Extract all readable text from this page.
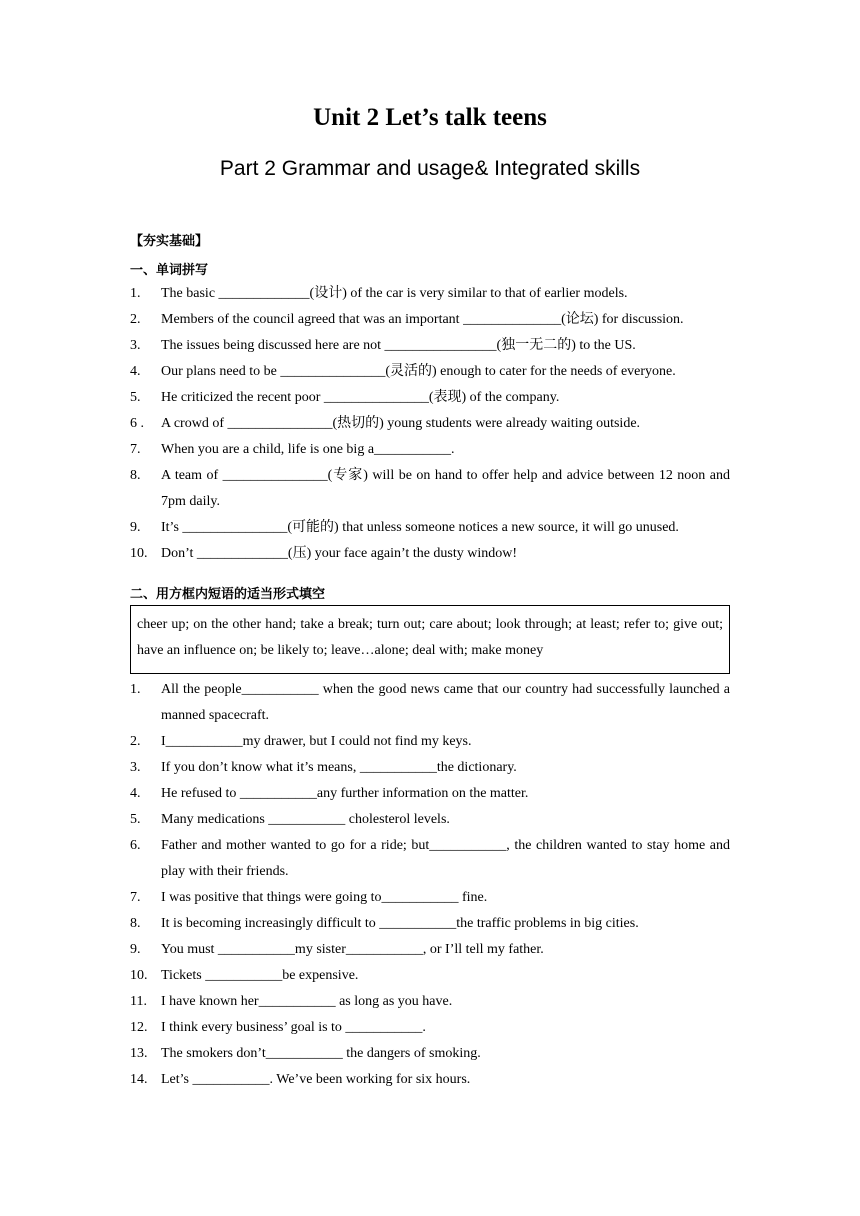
Unit 2 Let’s talk teens
Part 2 Grammar and usage& Integrated skills
【夯实基础】
一、单词拼写
1. The basic _____________(设计) of the car is very similar to that of earlier models.
2. Members of the council agreed that was an important ______________(论坛) for discussion.
3. The issues being discussed here are not ________________(独一无二的) to the US.
4. Our plans need to be _______________(灵活的) enough to cater for the needs of everyone.
5. He criticized the recent poor _______________(表现) of the company.
6 . A crowd of _______________(热切的) young students were already waiting outside.
7. When you are a child, life is one big a___________.
8. A team of _______________(专家) will be on hand to offer help and advice between 12 noon and 7pm daily.
9. It’s _______________(可能的) that unless someone notices a new source, it will go unused.
10. Don’t _____________(压) your face again’t the dusty window!
二、用方框内短语的适当形式填空
cheer up; on the other hand; take a break; turn out; care about; look through; at least; refer to; give out; have an influence on; be likely to; leave…alone; deal with; make money
1. All the people___________ when the good news came that our country had successfully launched a manned spacecraft.
2. I___________my drawer, but I could not find my keys.
3. If you don’t know what it’s means, ___________the dictionary.
4. He refused to ___________any further information on the matter.
5. Many medications ___________ cholesterol levels.
6. Father and mother wanted to go for a ride; but___________, the children wanted to stay home and play with their friends.
7. I was positive that things were going to___________ fine.
8. It is becoming increasingly difficult to ___________the traffic problems in big cities.
9. You must ___________my sister___________, or I’ll tell my father.
10. Tickets ___________be expensive.
11. I have known her___________ as long as you have.
12. I think every business’ goal is to ___________.
13. The smokers don’t___________ the dangers of smoking.
14. Let’s ___________. We’ve been working for six hours.
